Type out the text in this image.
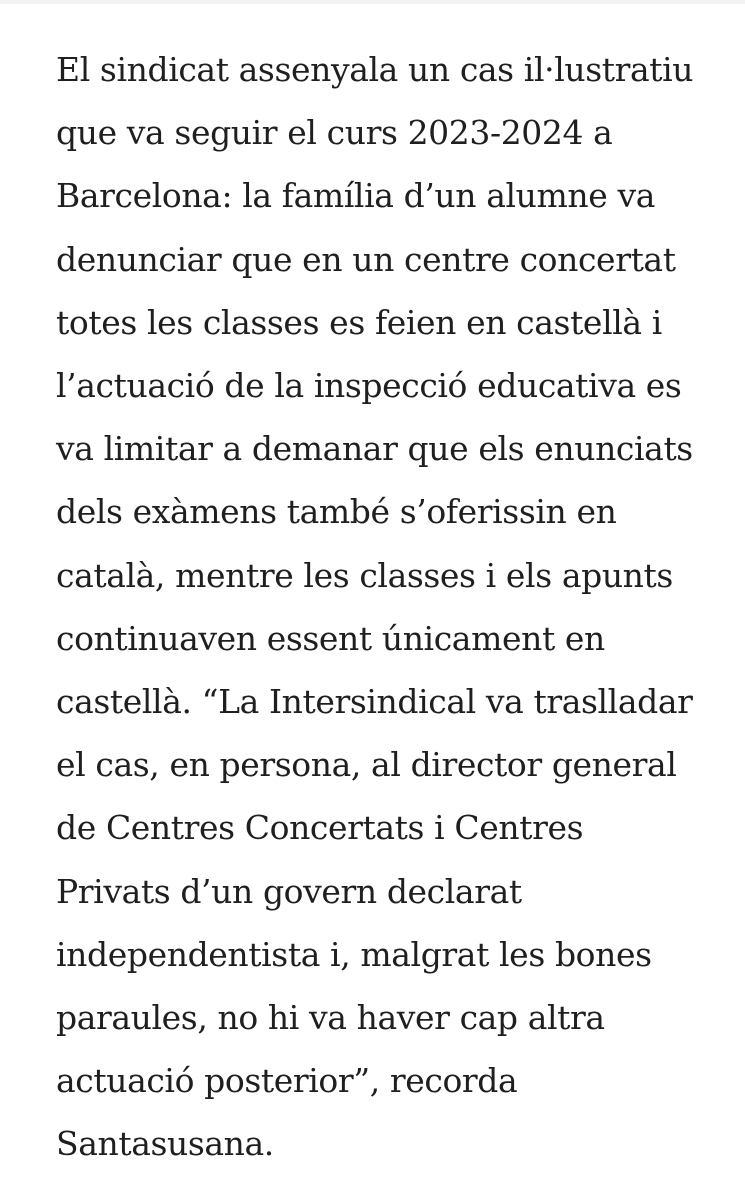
El sindicat assenyala un cas il·lustratiu
que va seguir el curs 2023-2024 a
Barcelona: la família d’un alumne va
denunciar que en un centre concertat
totes les classes es feien en castellà i
l’actuació de la inspecció educativa es
va limitar a demanar que els enunciats
dels exàmens també s’oferissin en
català, mentre les classes i els apunts
continuaven essent únicament en
castellà. “La Intersindical va traslladar
el cas, en persona, al director general
de Centres Concertats i Centres
Privats d’un govern declarat
independentista i, malgrat les bones
paraules, no hi va haver cap altra
actuació posterior”, recorda
Santasusana.
